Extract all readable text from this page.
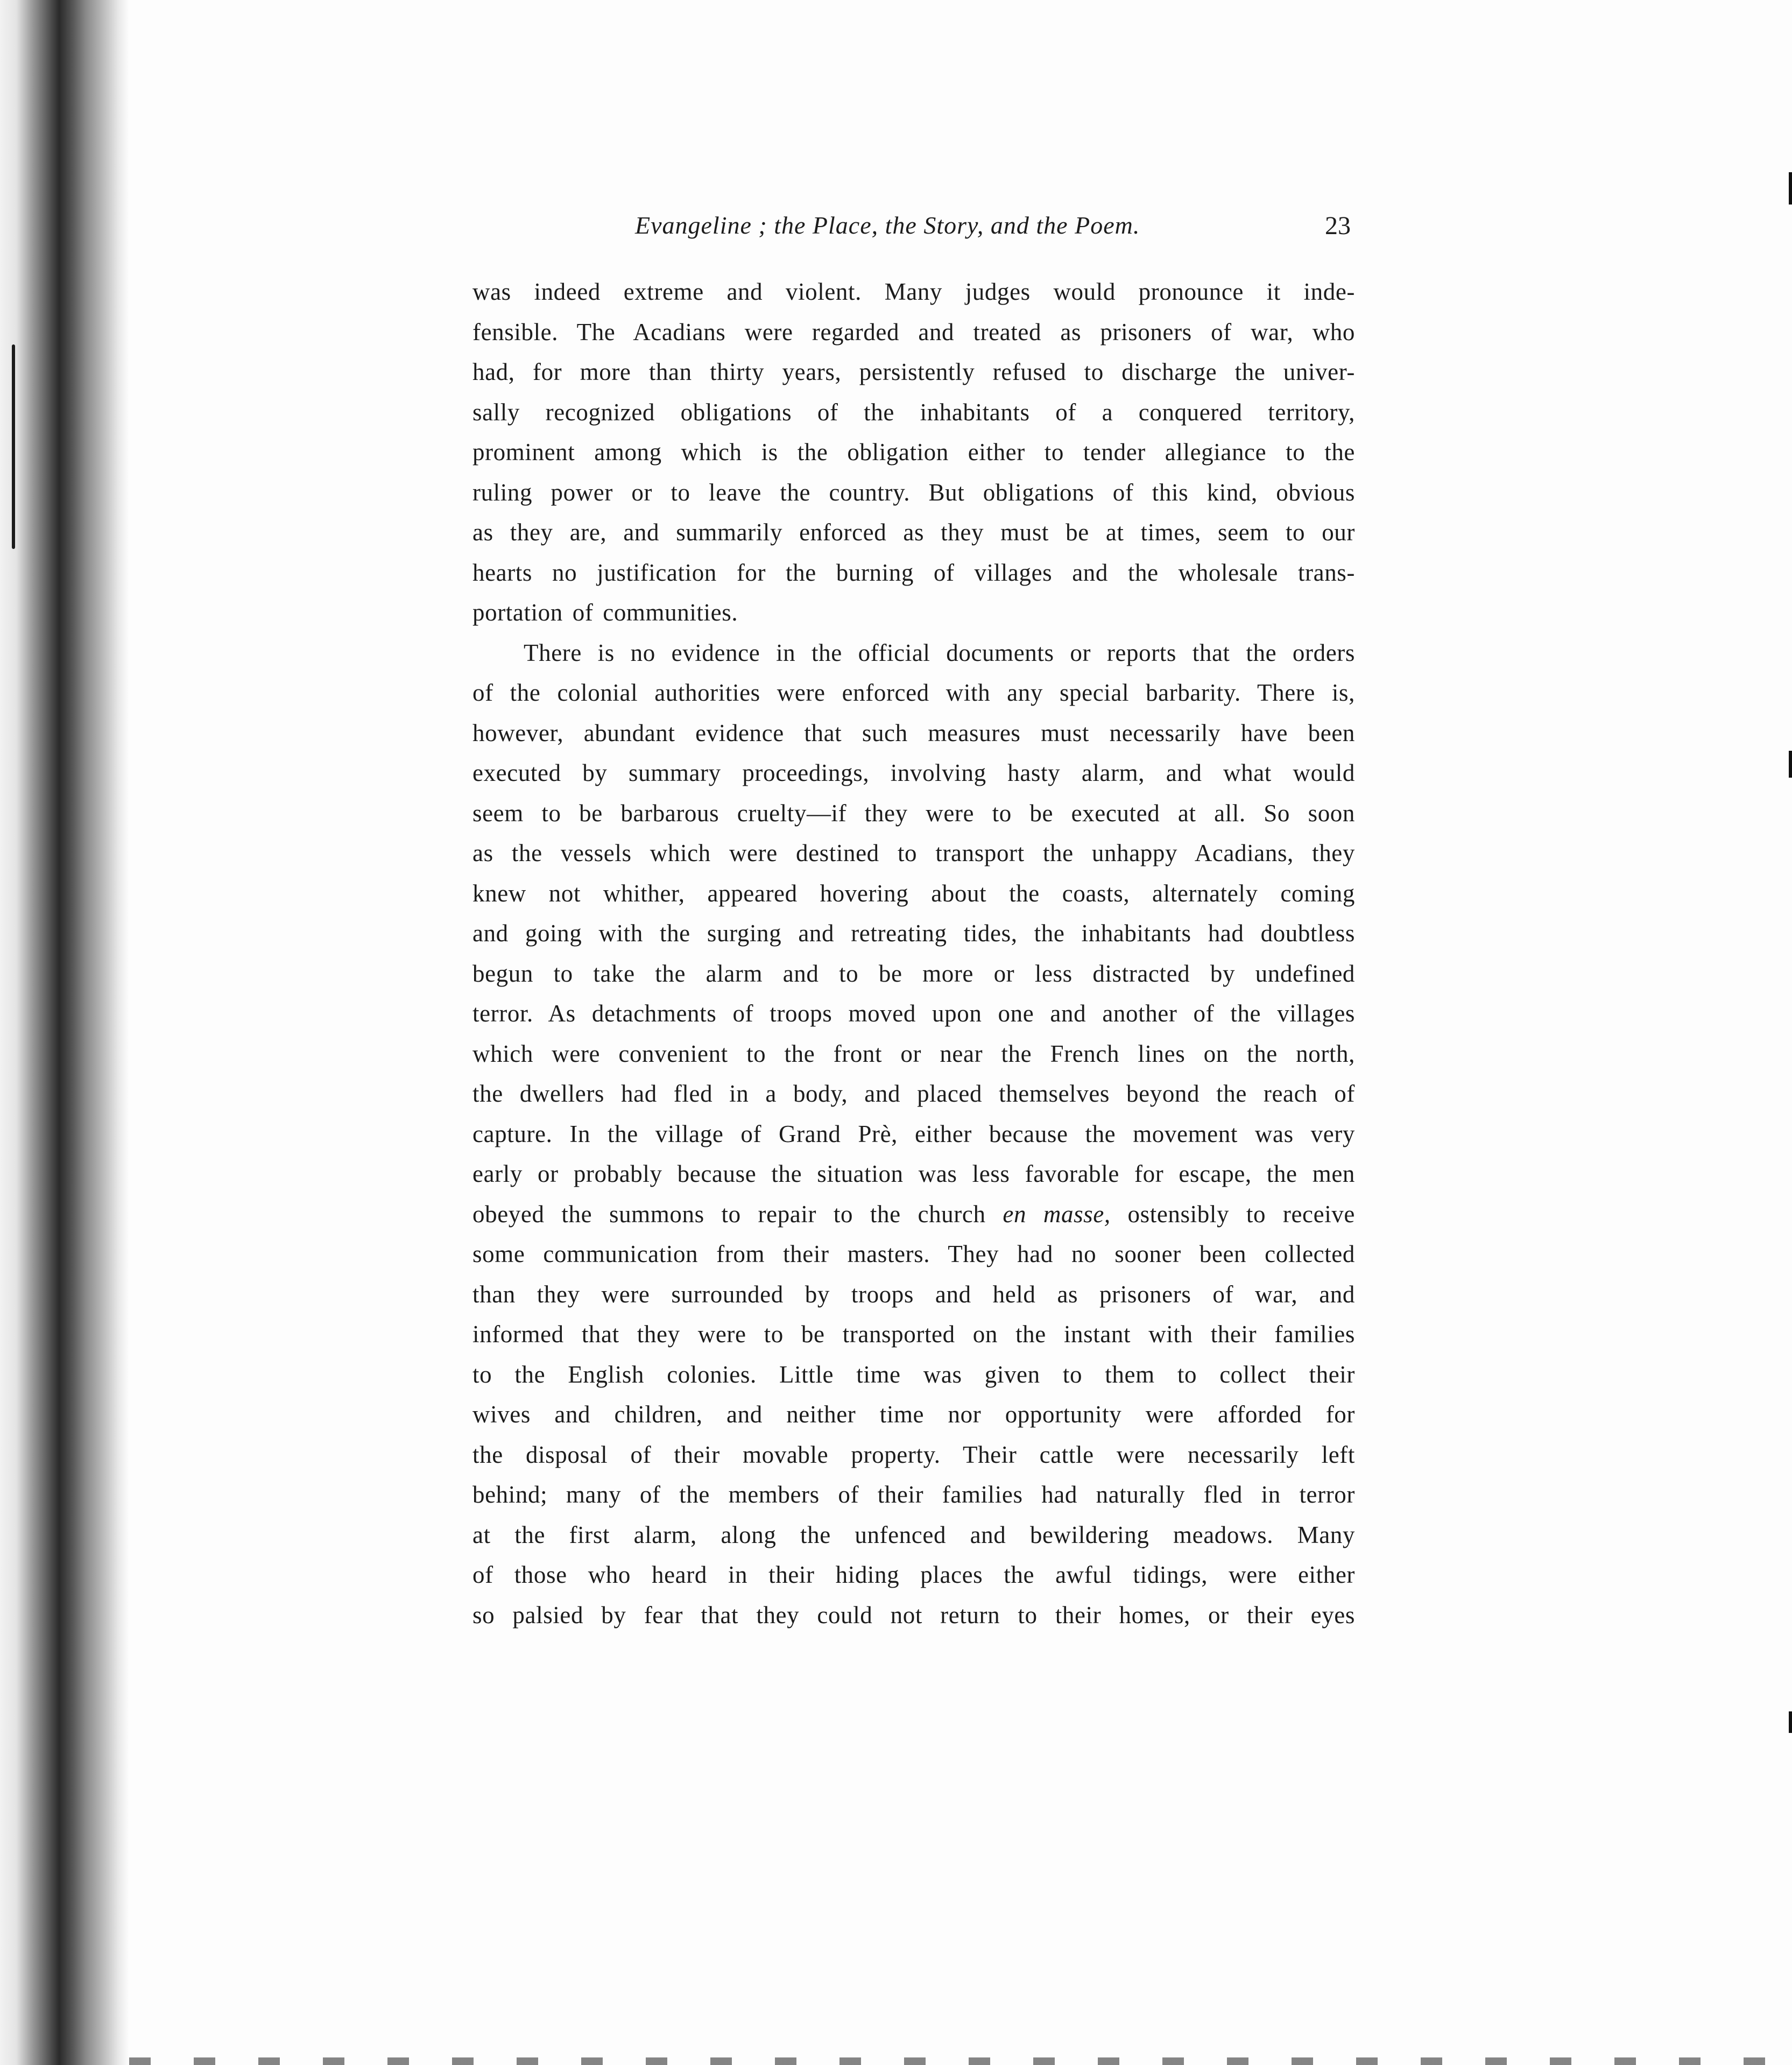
Evangeline ; the Place, the Story, and the Poem.	23

was indeed extreme and violent. Many judges would pronounce it inde-
fensible. The Acadians were regarded and treated as prisoners of war, who
had, for more than thirty years, persistently refused to discharge the univer-
sally recognized obligations of the inhabitants of a conquered territory,
prominent among which is the obligation either to tender allegiance to the
ruling power or to leave the country. But obligations of this kind, obvious
as they are, and summarily enforced as they must be at times, seem to our
hearts no justification for the burning of villages and the wholesale trans-
portation of communities.

There is no evidence in the official documents or reports that the orders
of the colonial authorities were enforced with any special barbarity. There is,
however, abundant evidence that such measures must necessarily have been
executed by summary proceedings, involving hasty alarm, and what would
seem to be barbarous cruelty—if they were to be executed at all. So soon
as the vessels which were destined to transport the unhappy Acadians, they
knew not whither, appeared hovering about the coasts, alternately coming
and going with the surging and retreating tides, the inhabitants had doubtless
begun to take the alarm and to be more or less distracted by undefined
terror. As detachments of troops moved upon one and another of the villages
which were convenient to the front or near the French lines on the north,
the dwellers had fled in a body, and placed themselves beyond the reach of
capture. In the village of Grand Prè, either because the movement was very
early or probably because the situation was less favorable for escape, the men
obeyed the summons to repair to the church en masse, ostensibly to receive
some communication from their masters. They had no sooner been collected
than they were surrounded by troops and held as prisoners of war, and
informed that they were to be transported on the instant with their families
to the English colonies. Little time was given to them to collect their
wives and children, and neither time nor opportunity were afforded for
the disposal of their movable property. Their cattle were necessarily left
behind; many of the members of their families had naturally fled in terror
at the first alarm, along the unfenced and bewildering meadows. Many
of those who heard in their hiding places the awful tidings, were either
so palsied by fear that they could not return to their homes, or their eyes
